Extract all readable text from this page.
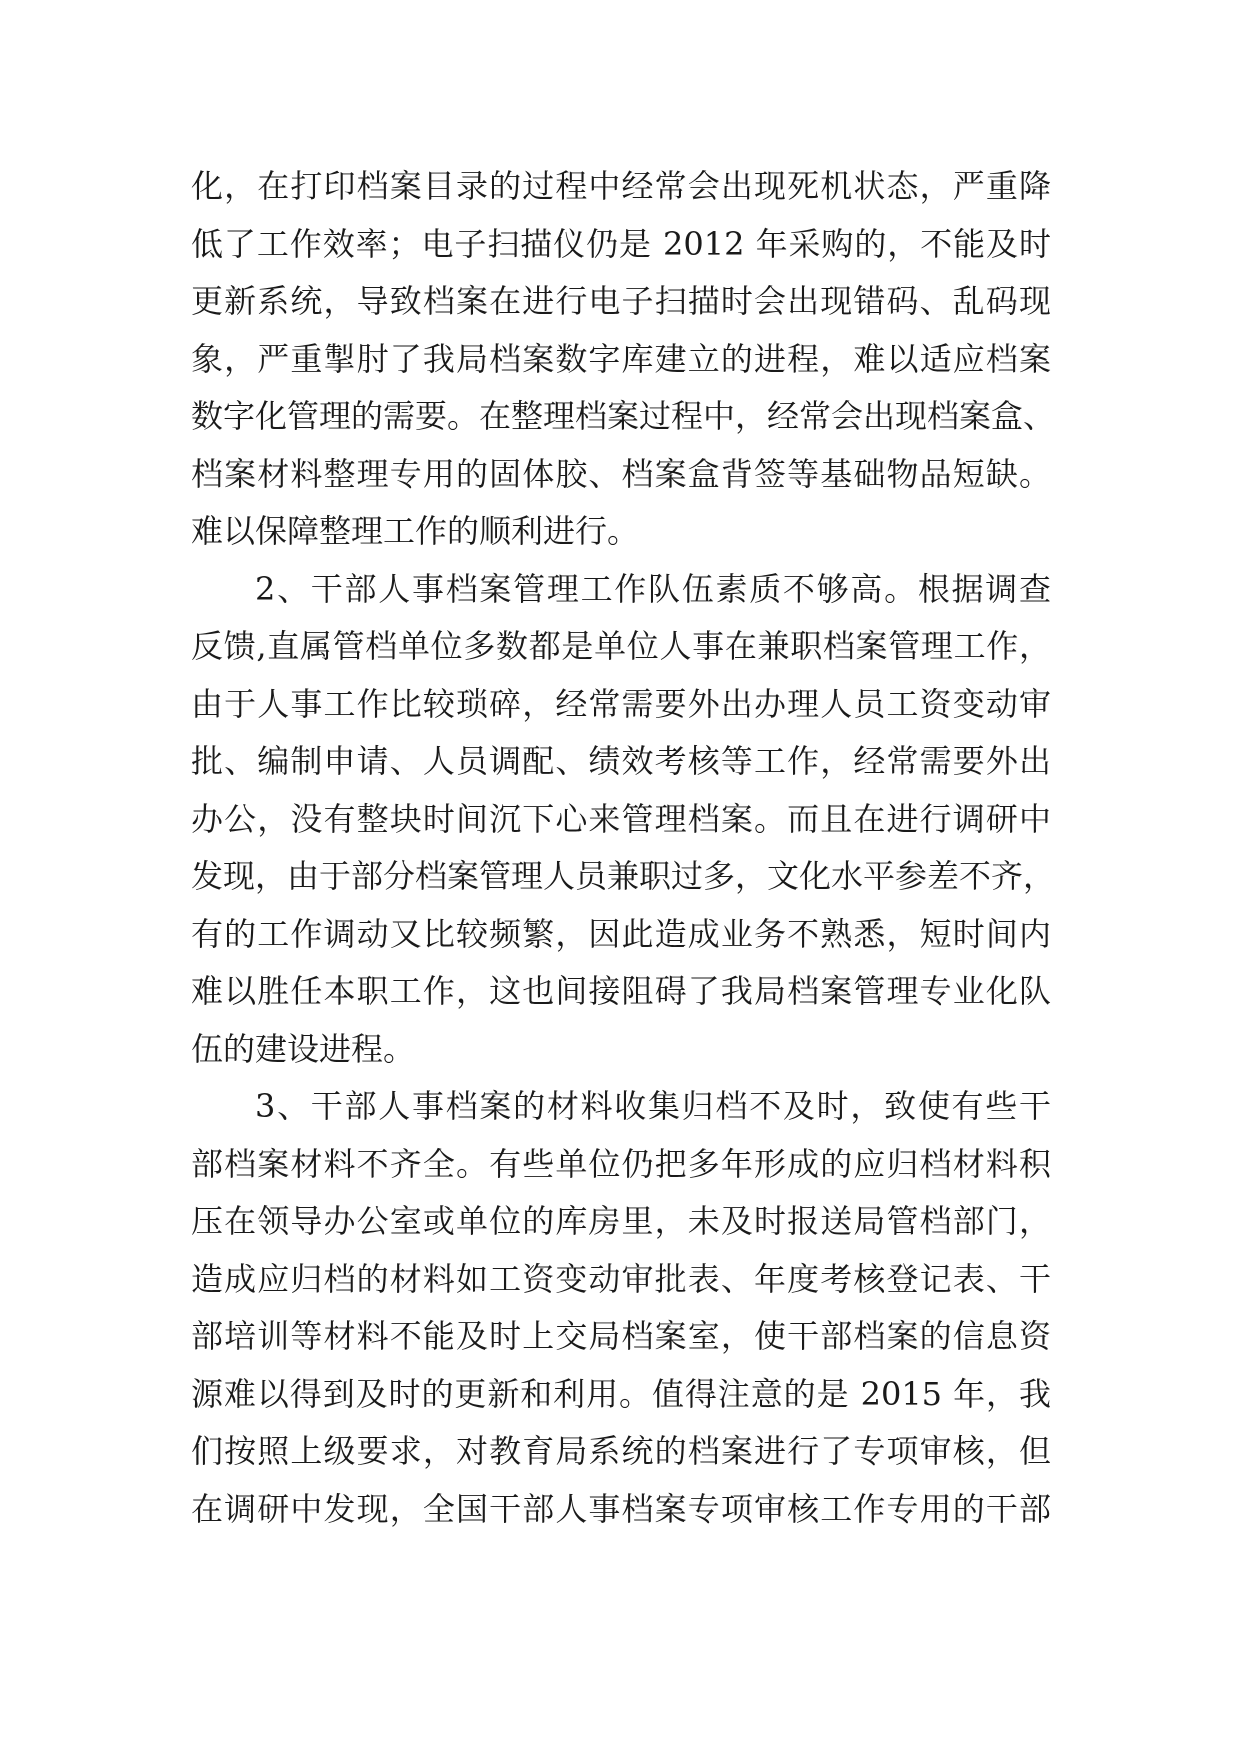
化，在打印档案目录的过程中经常会出现死机状态，严重降
低了工作效率；电子扫描仪仍是 2012 年采购的，不能及时
更新系统，导致档案在进行电子扫描时会出现错码、乱码现
象，严重掣肘了我局档案数字库建立的进程，难以适应档案
数字化管理的需要。在整理档案过程中，经常会出现档案盒、
档案材料整理专用的固体胶、档案盒背签等基础物品短缺。
难以保障整理工作的顺利进行。
2、干部人事档案管理工作队伍素质不够高。根据调查
反馈,直属管档单位多数都是单位人事在兼职档案管理工作，
由于人事工作比较琐碎，经常需要外出办理人员工资变动审
批、编制申请、人员调配、绩效考核等工作，经常需要外出
办公，没有整块时间沉下心来管理档案。而且在进行调研中
发现，由于部分档案管理人员兼职过多，文化水平参差不齐，
有的工作调动又比较频繁，因此造成业务不熟悉，短时间内
难以胜任本职工作，这也间接阻碍了我局档案管理专业化队
伍的建设进程。
3、干部人事档案的材料收集归档不及时，致使有些干
部档案材料不齐全。有些单位仍把多年形成的应归档材料积
压在领导办公室或单位的库房里，未及时报送局管档部门，
造成应归档的材料如工资变动审批表、年度考核登记表、干
部培训等材料不能及时上交局档案室，使干部档案的信息资
源难以得到及时的更新和利用。值得注意的是 2015 年，我
们按照上级要求，对教育局系统的档案进行了专项审核，但
在调研中发现，全国干部人事档案专项审核工作专用的干部
